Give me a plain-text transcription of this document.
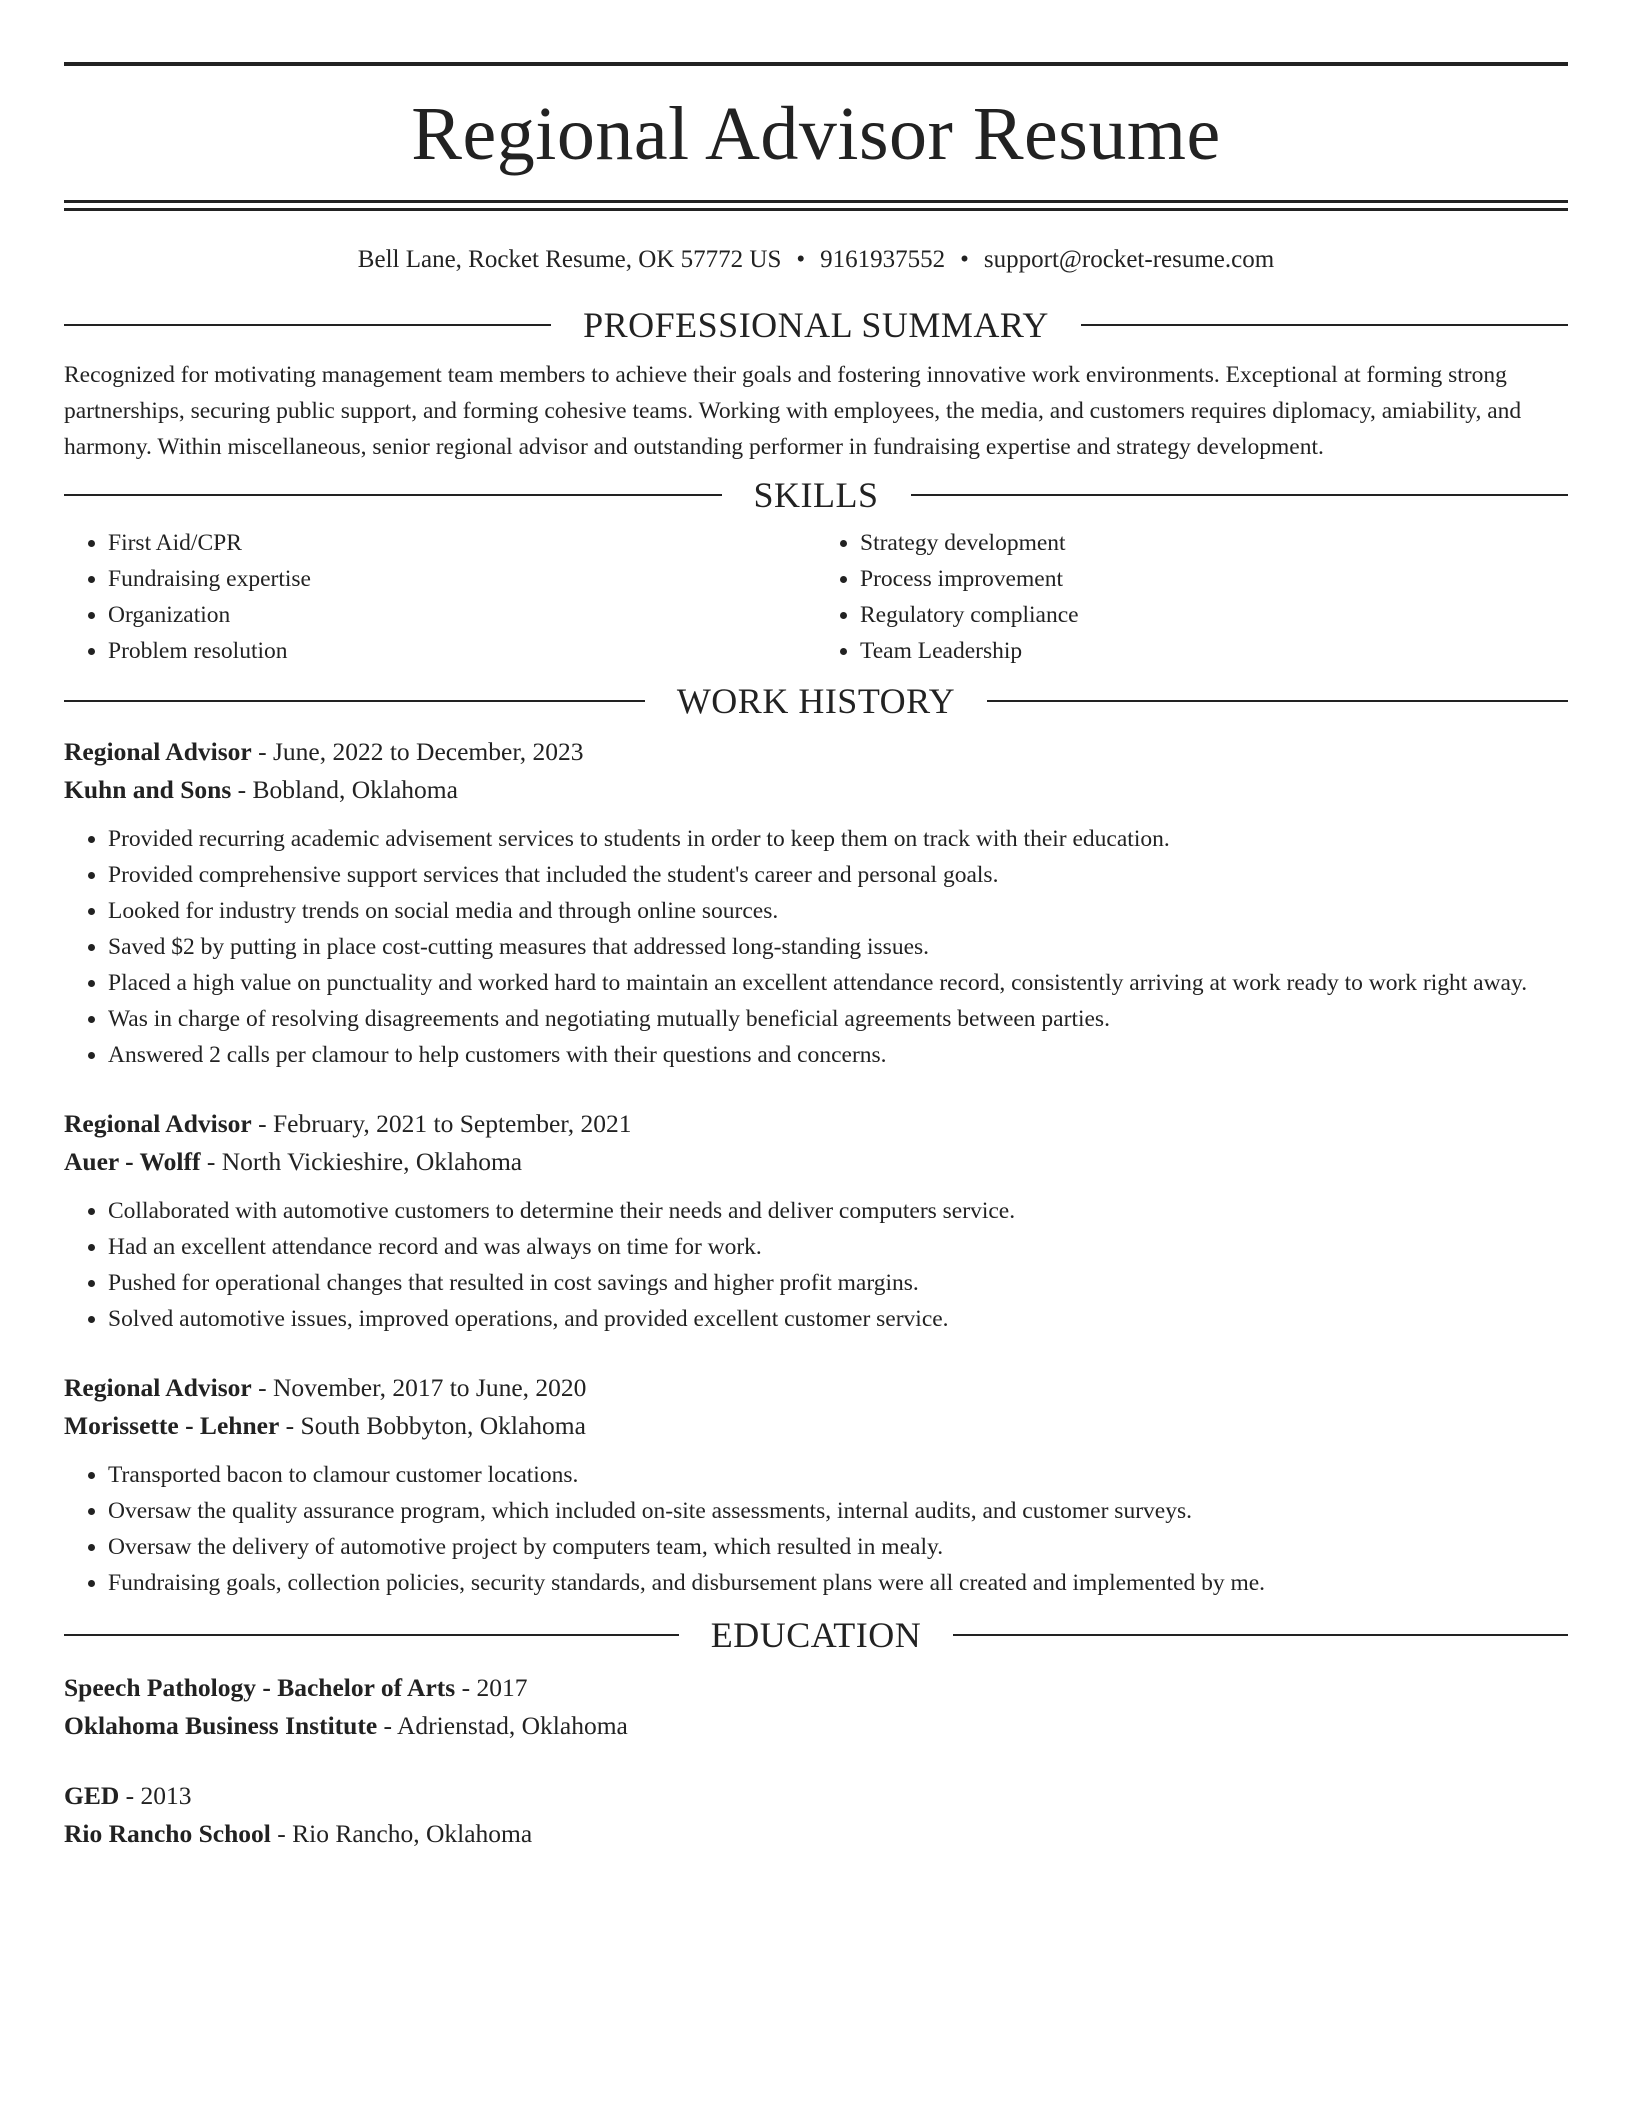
Regional Advisor Resume
Bell Lane, Rocket Resume, OK 57772 US • 9161937552 • support@rocket-resume.com
PROFESSIONAL SUMMARY

Recognized for motivating management team members to achieve their goals and fostering innovative work environments. Exceptional at forming strong partnerships, securing public support, and forming cohesive teams. Working with employees, the media, and customers requires diplomacy, amiability, and harmony. Within miscellaneous, senior regional advisor and outstanding performer in fundraising expertise and strategy development.

SKILLS
• First Aid/CPR
• Fundraising expertise
• Organization
• Problem resolution
• Strategy development
• Process improvement
• Regulatory compliance
• Team Leadership
WORK HISTORY

Regional Advisor - June, 2022 to December, 2023

Kuhn and Sons - Bobland, Oklahoma

• Provided recurring academic advisement services to students in order to keep them on track with their education.
• Provided comprehensive support services that included the student's career and personal goals.
• Looked for industry trends on social media and through online sources.
• Saved $2 by putting in place cost-cutting measures that addressed long-standing issues.
• Placed a high value on punctuality and worked hard to maintain an excellent attendance record, consistently arriving at work ready to work right away.
• Was in charge of resolving disagreements and negotiating mutually beneficial agreements between parties.
• Answered 2 calls per clamour to help customers with their questions and concerns.

Regional Advisor - February, 2021 to September, 2021

Auer - Wolff - North Vickieshire, Oklahoma

• Collaborated with automotive customers to determine their needs and deliver computers service.
• Had an excellent attendance record and was always on time for work.
• Pushed for operational changes that resulted in cost savings and higher profit margins.
• Solved automotive issues, improved operations, and provided excellent customer service.

Regional Advisor - November, 2017 to June, 2020

Morissette - Lehner - South Bobbyton, Oklahoma

• Transported bacon to clamour customer locations.
• Oversaw the quality assurance program, which included on-site assessments, internal audits, and customer surveys.
• Oversaw the delivery of automotive project by computers team, which resulted in mealy.
• Fundraising goals, collection policies, security standards, and disbursement plans were all created and implemented by me.
EDUCATION

Speech Pathology - Bachelor of Arts - 2017

Oklahoma Business Institute - Adrienstad, Oklahoma

GED - 2013

Rio Rancho School - Rio Rancho, Oklahoma
